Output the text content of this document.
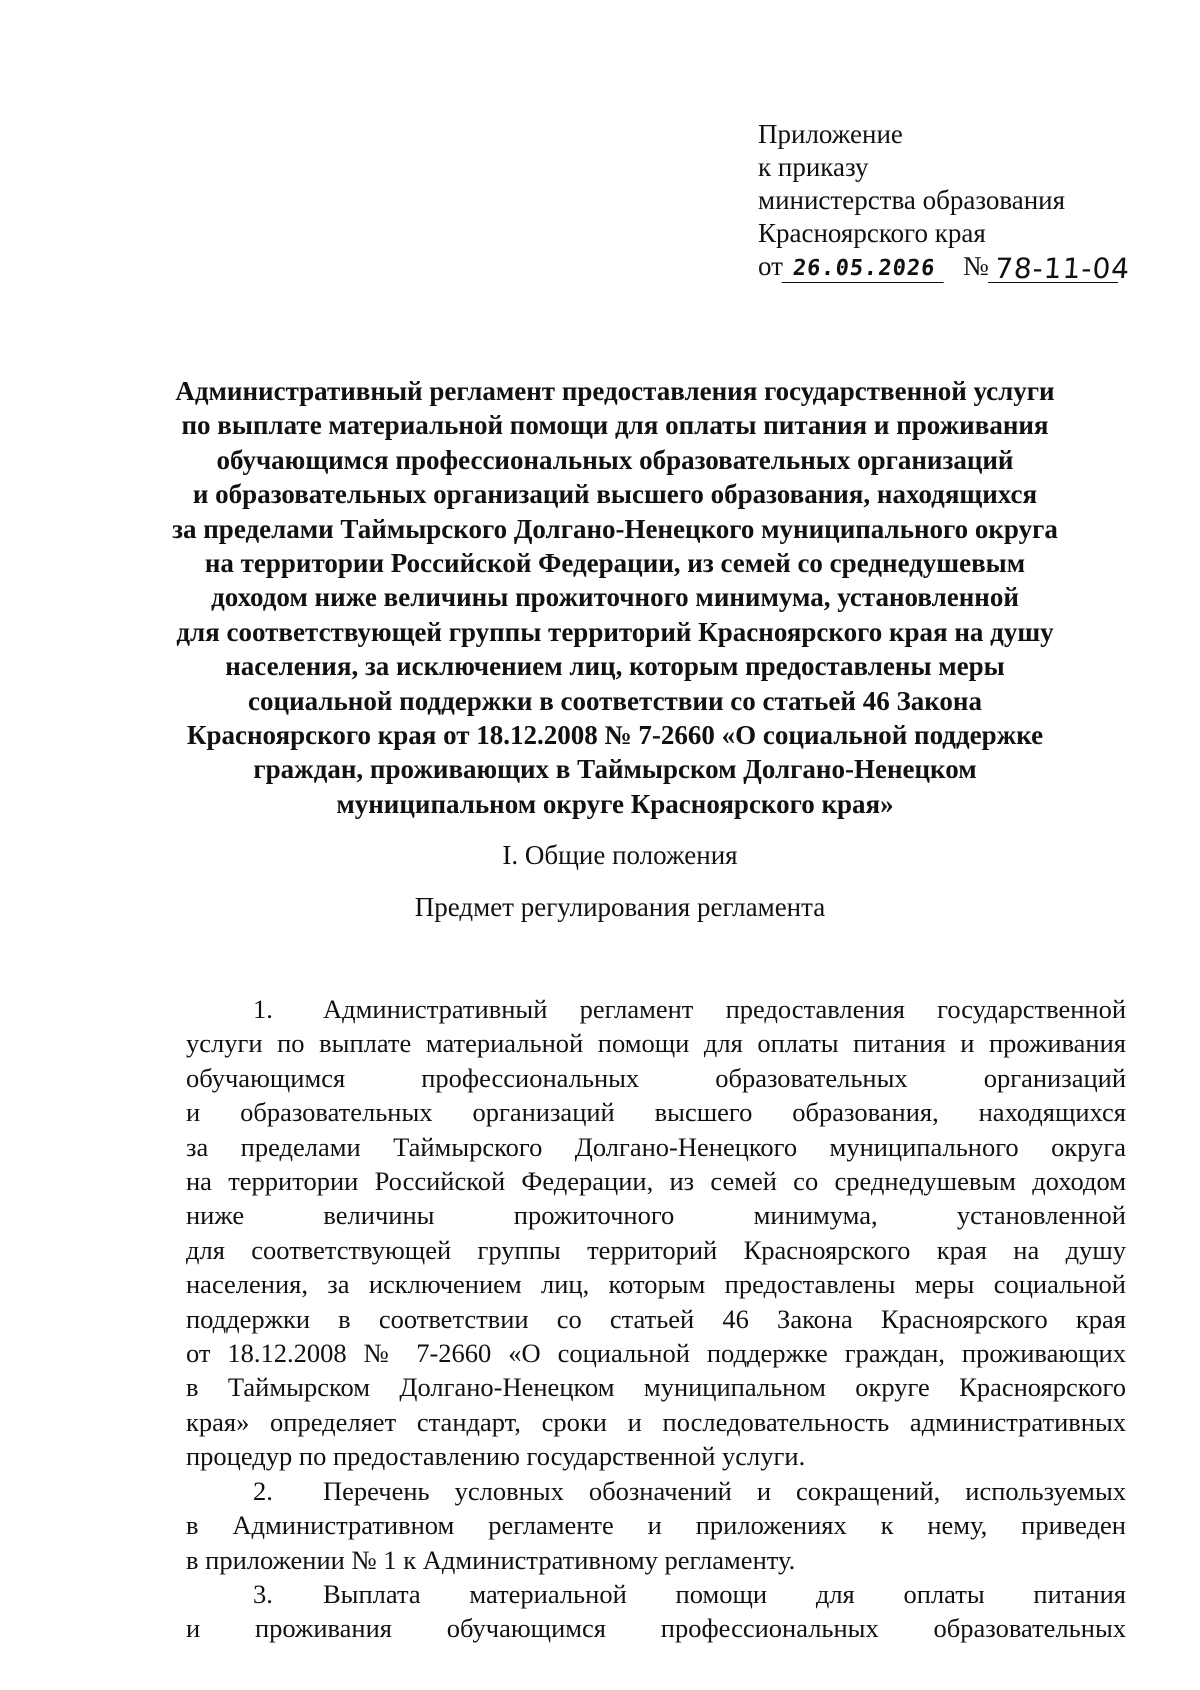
Приложение
к приказу
министерства образования
Красноярского края
от 26.05.2026 № 78-11-04
Административный регламент предоставления государственной услуги
по выплате материальной помощи для оплаты питания и проживания
обучающимся профессиональных образовательных организаций
и образовательных организаций высшего образования, находящихся
за пределами Таймырского Долгано-Ненецкого муниципального округа
на территории Российской Федерации, из семей со среднедушевым
доходом ниже величины прожиточного минимума, установленной
для соответствующей группы территорий Красноярского края на душу
населения, за исключением лиц, которым предоставлены меры
социальной поддержки в соответствии со статьей 46 Закона
Красноярского края от 18.12.2008 № 7-2660 «О социальной поддержке
граждан, проживающих в Таймырском Долгано-Ненецком
муниципальном округе Красноярского края»
I. Общие положения
Предмет регулирования регламента
1. Административный регламент предоставления государственной
услуги по выплате материальной помощи для оплаты питания и проживания
обучающимся профессиональных образовательных организаций
и образовательных организаций высшего образования, находящихся
за пределами Таймырского Долгано-Ненецкого муниципального округа
на территории Российской Федерации, из семей со среднедушевым доходом
ниже величины прожиточного минимума, установленной
для соответствующей группы территорий Красноярского края на душу
населения, за исключением лиц, которым предоставлены меры социальной
поддержки в соответствии со статьей 46 Закона Красноярского края
от 18.12.2008 № 7-2660 «О социальной поддержке граждан, проживающих
в Таймырском Долгано-Ненецком муниципальном округе Красноярского
края» определяет стандарт, сроки и последовательность административных
процедур по предоставлению государственной услуги.
2. Перечень условных обозначений и сокращений, используемых
в Административном регламенте и приложениях к нему, приведен
в приложении № 1 к Административному регламенту.
3. Выплата материальной помощи для оплаты питания
и проживания обучающимся профессиональных образовательных
